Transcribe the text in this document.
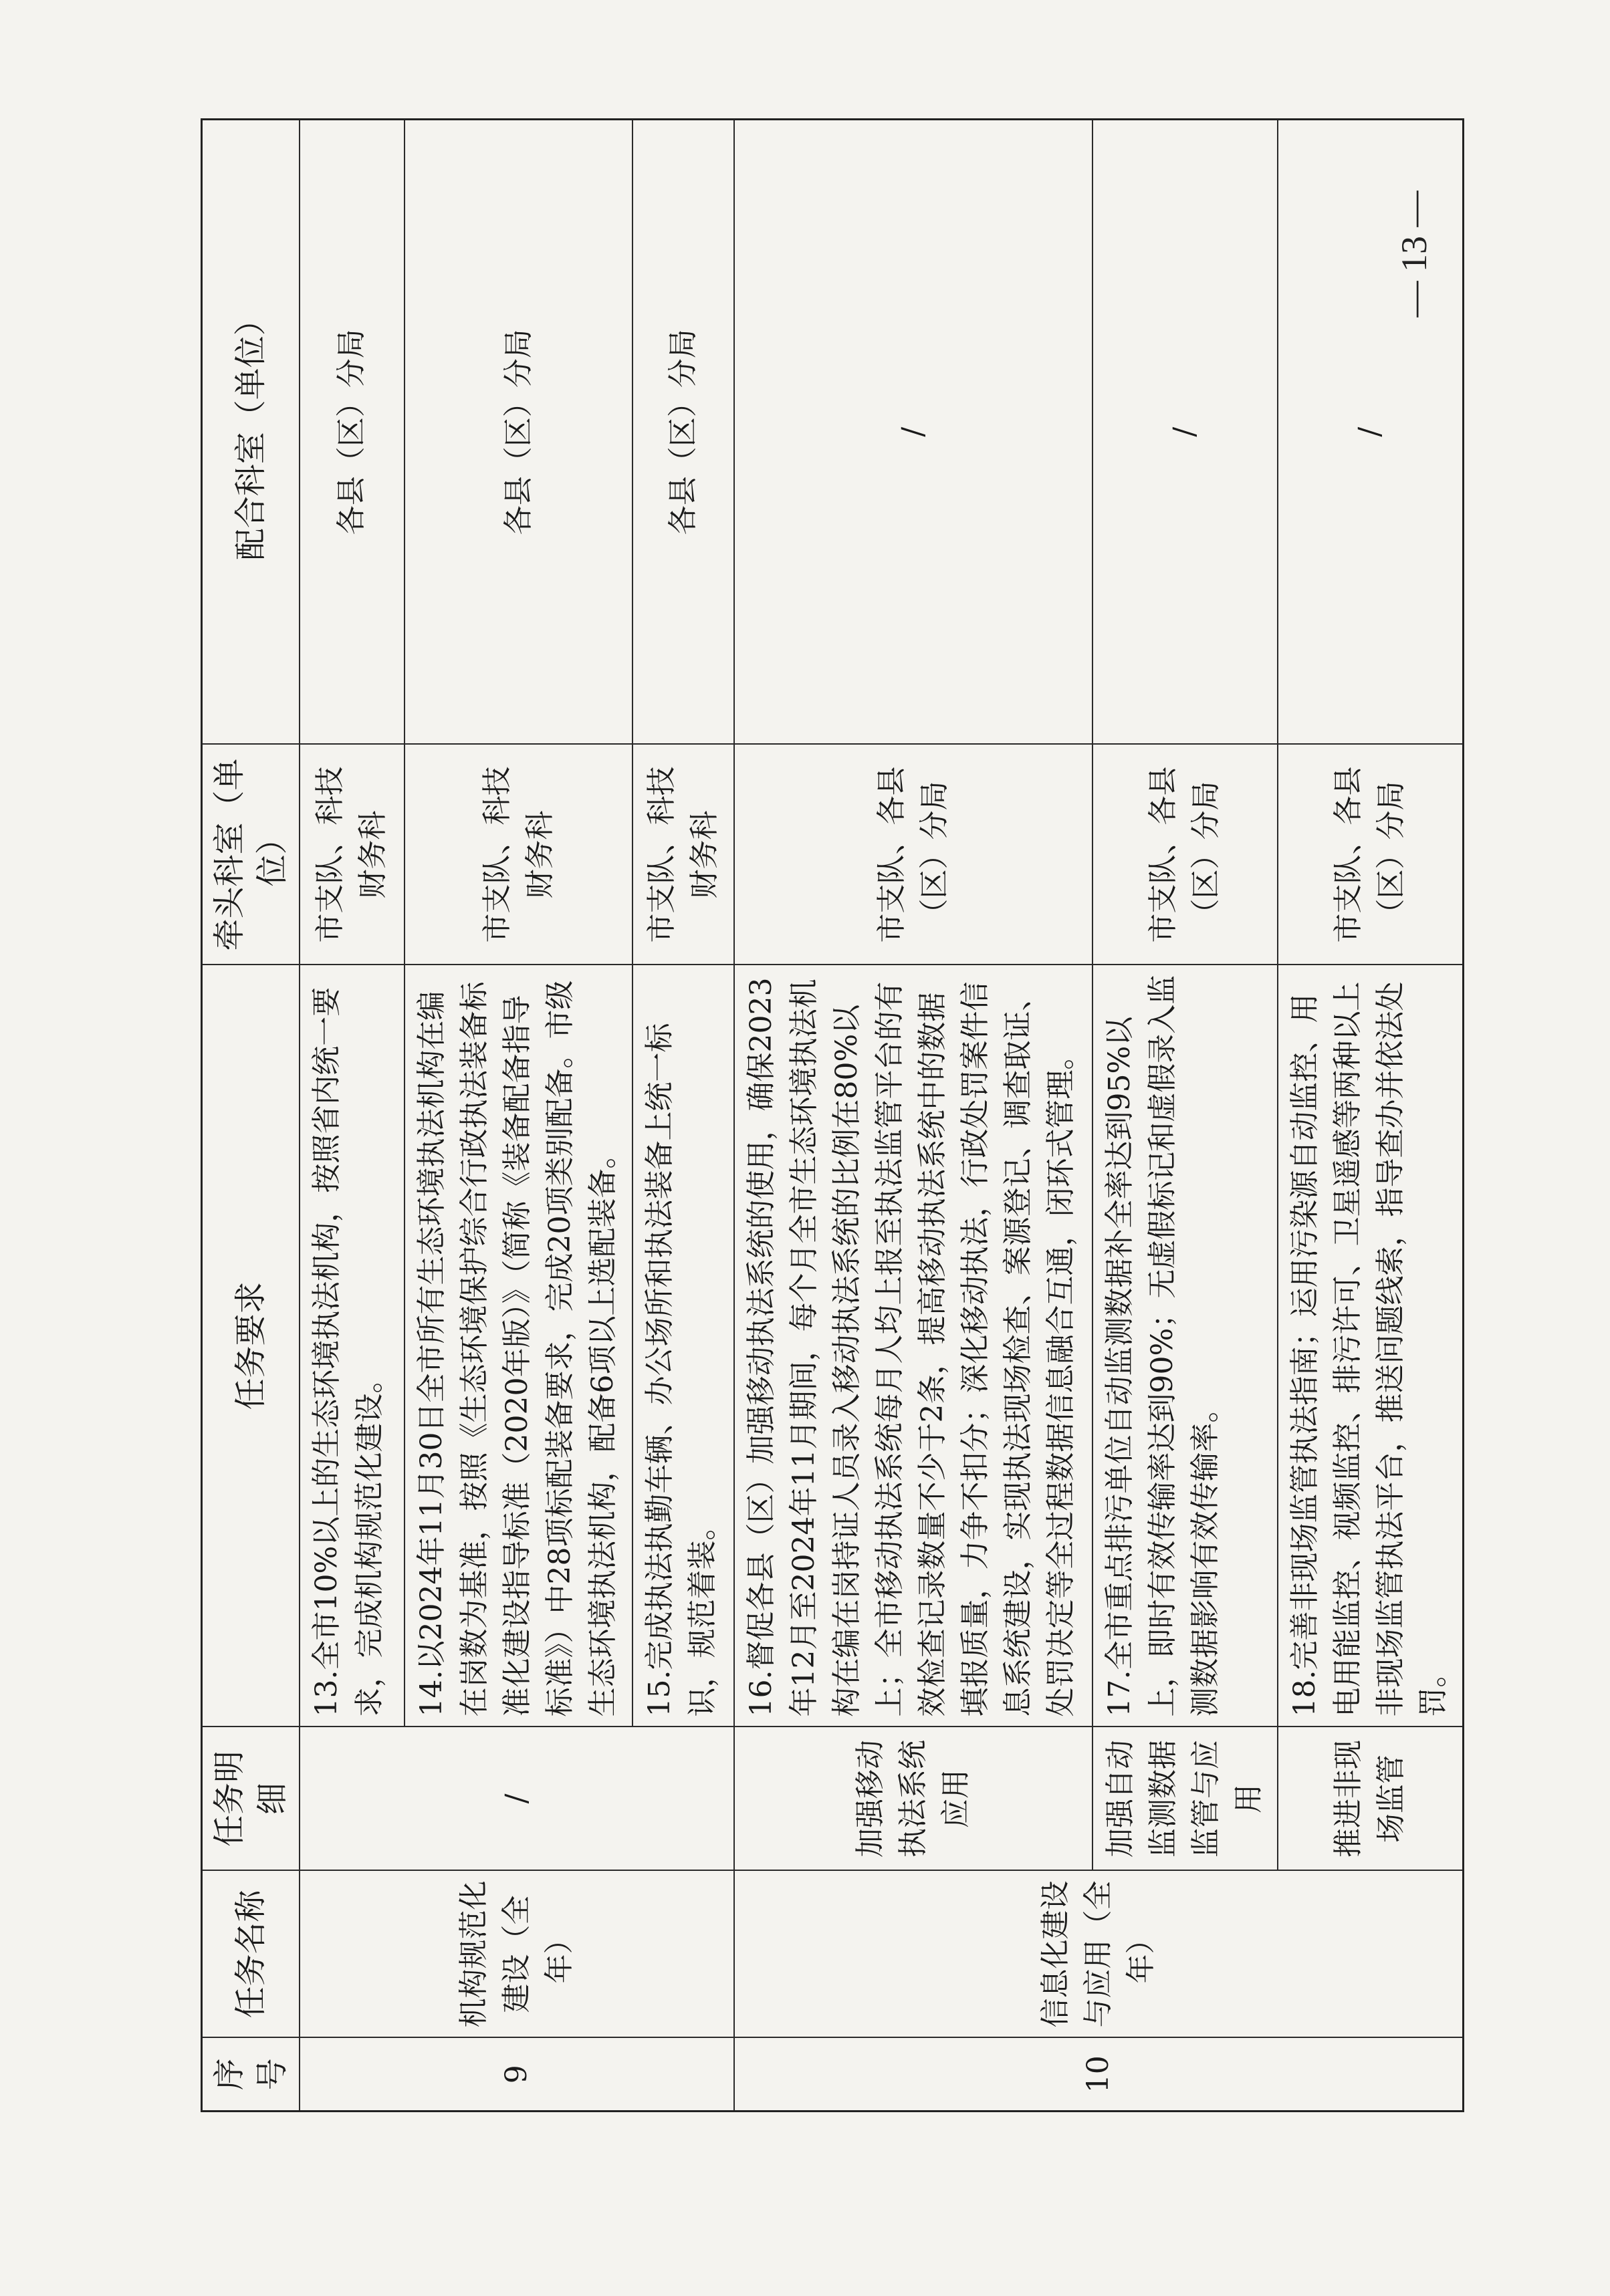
序号	任务名称	任务明细	任务要求	牵头科室（单位）	配合科室（单位）
9	机构规范化建设（全年）	/	13.全市10%以上的生态环境执法机构，按照省内统一要求，完成机构规范化建设。	市支队、科技财务科	各县（区）分局
			14.以2024年11月30日全市所有生态环境执法机构在编在岗数为基准，按照《生态环境保护综合行政执法装备标准化建设指导标准（2020年版）》（简称《装备配备指导标准》）中28项标配装备要求，完成20项类别配备。市级生态环境执法机构，配备6项以上选配装备。	市支队、科技财务科	各县（区）分局
			15.完成执法执勤车辆、办公场所和执法装备上统一标识，规范着装。	市支队、科技财务科	各县（区）分局
10	信息化建设与应用（全年）	加强移动执法系统应用	16.督促各县（区）加强移动执法系统的使用，确保2023年12月至2024年11月期间，每个月全市生态环境执法机构在编在岗持证人员录入移动执法系统的比例在80%以上；全市移动执法系统每月人均上报至执法监管平台的有效检查记录数量不少于2条，提高移动执法系统中的数据填报质量，力争不扣分；深化移动执法，行政处罚案件信息系统建设，实现执法现场检查、案源登记、调查取证、处罚决定等全过程数据信息融合互通，闭环式管理。	市支队、各县（区）分局	/
		加强自动监测数据监管与应用	17.全市重点排污单位自动监测数据补全率达到95%以上，即时有效传输率达到90%；无虚假标记和虚假录入监测数据影响有效传输率。	市支队、各县（区）分局	/
		推进非现场监管	18.完善非现场监管执法指南；运用污染源自动监控、用电用能监控、视频监控、排污许可、卫星遥感等两种以上非现场监管执法平台，推送问题线索，指导查办并依法处罚。	市支队、各县（区）分局	/
— 13 —
